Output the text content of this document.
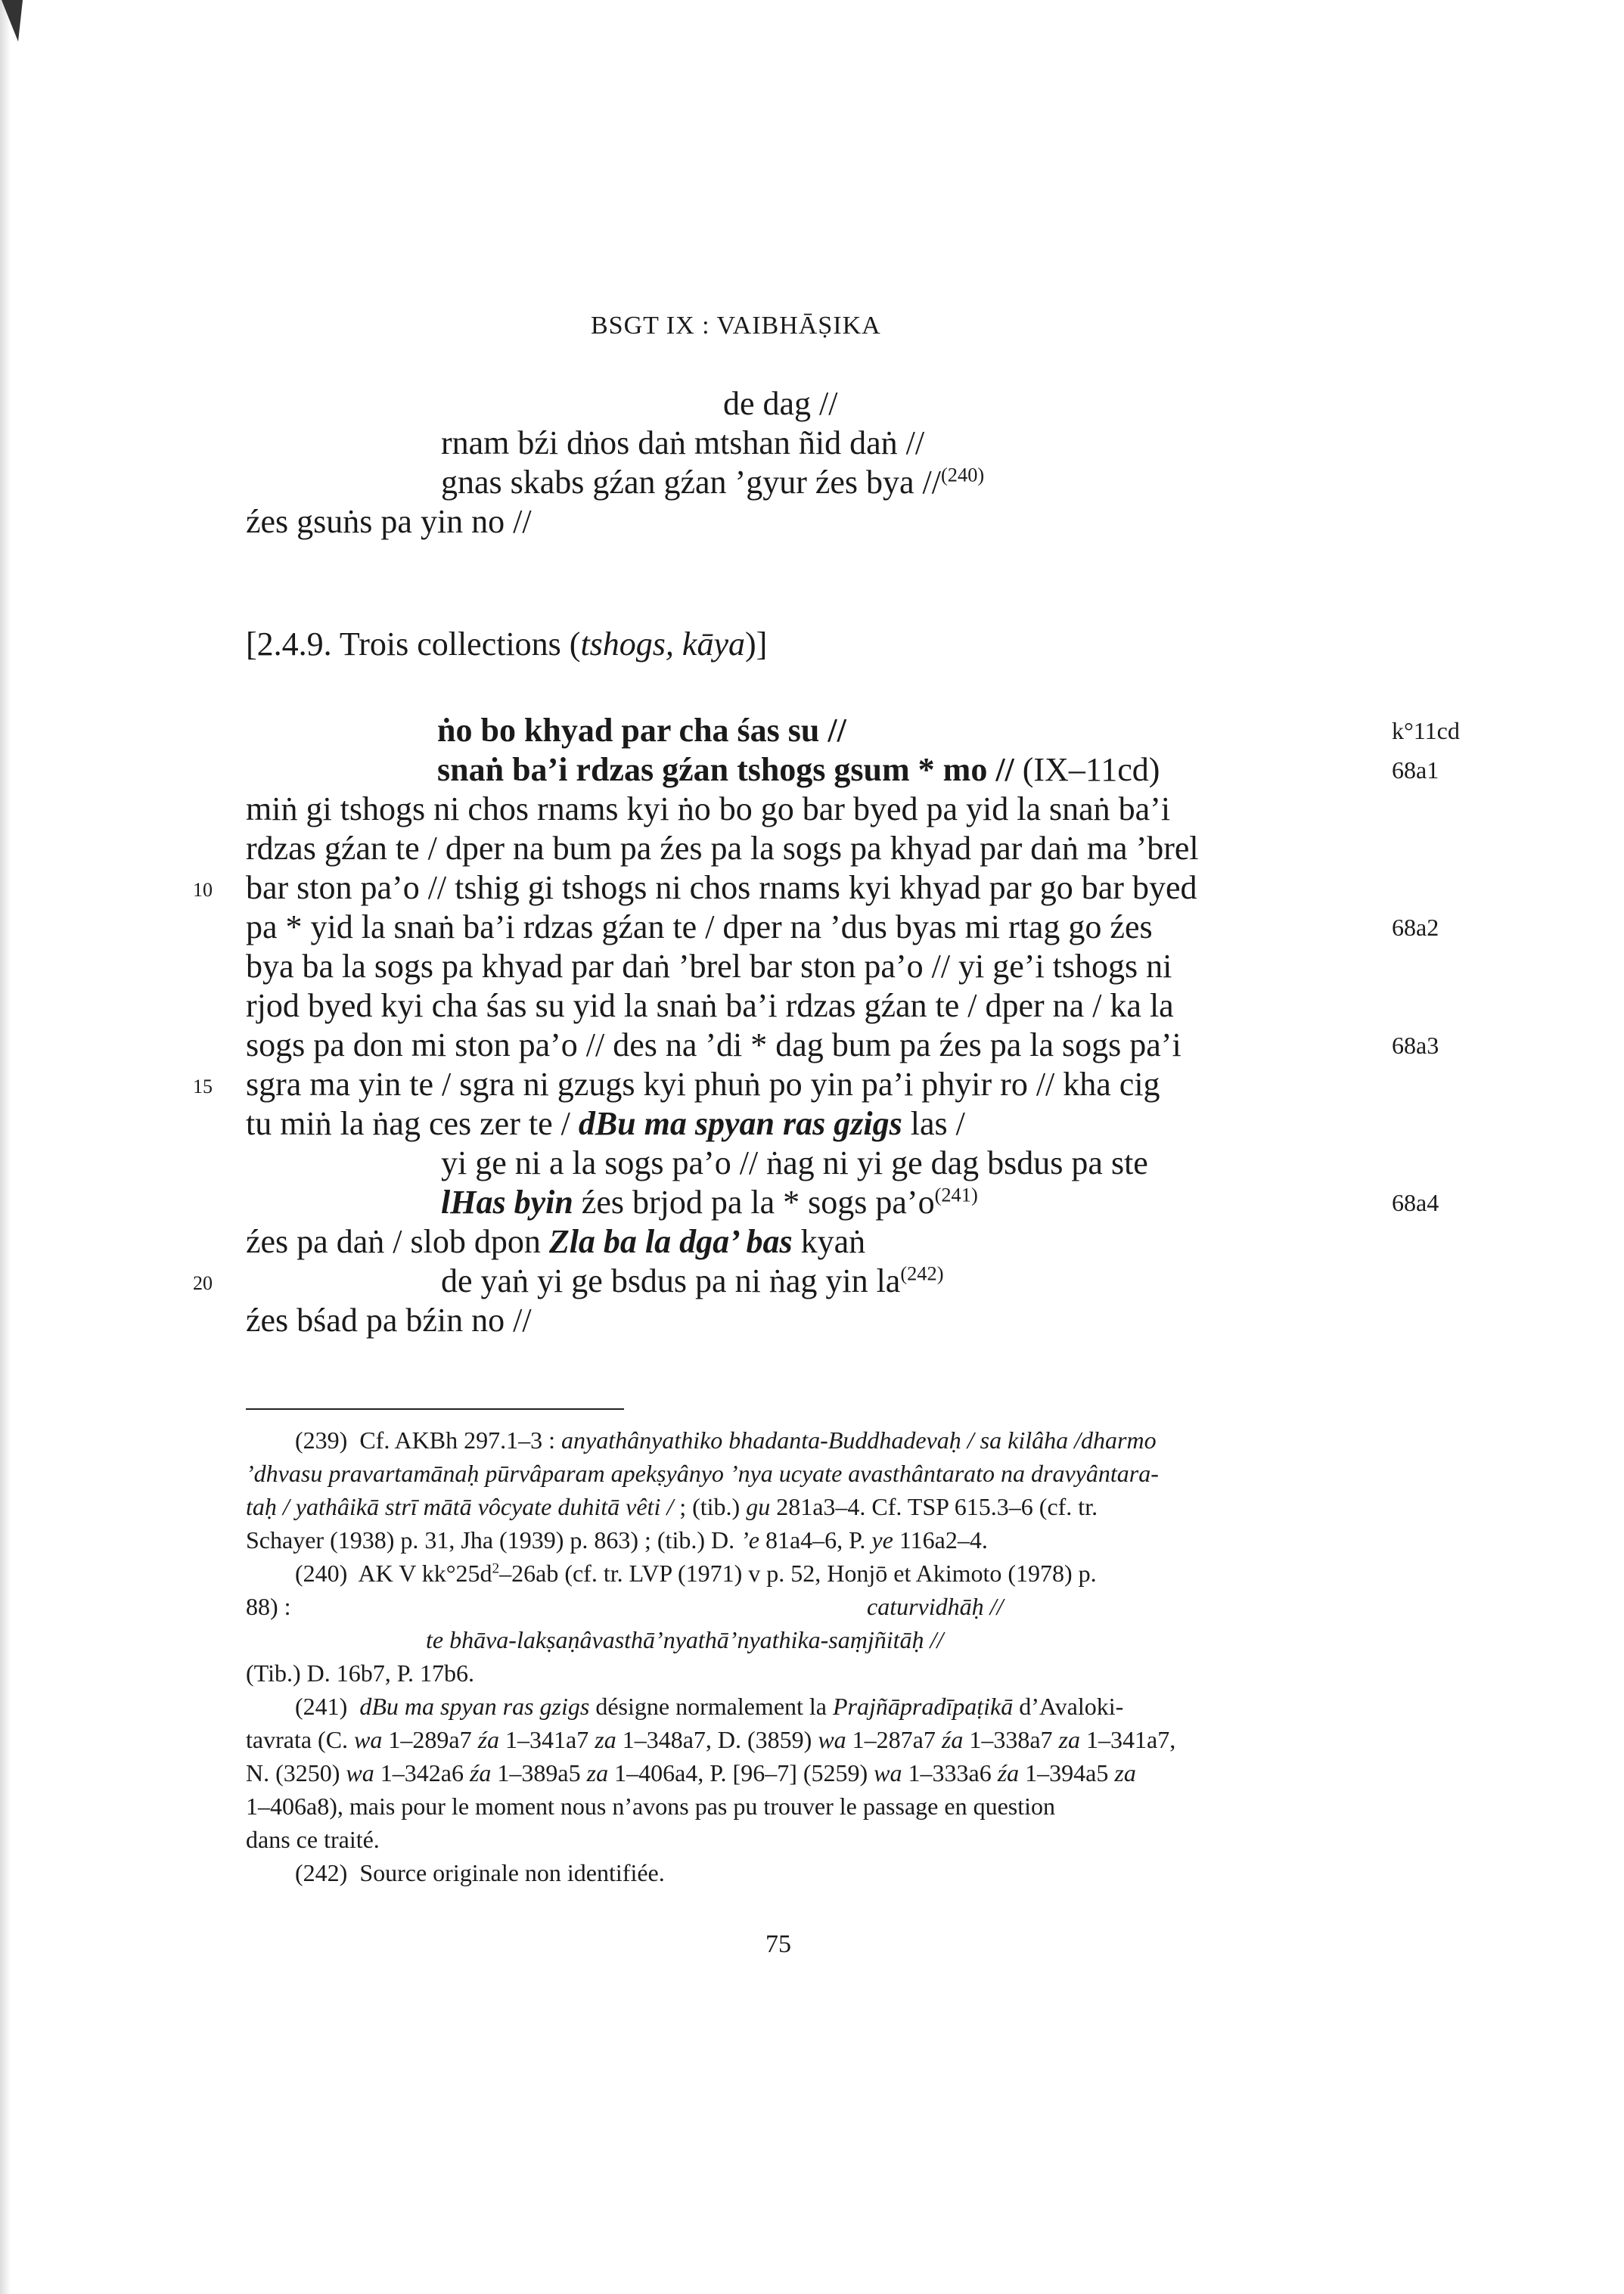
BSGT IX : VAIBHĀṢIKA
de dag //
rnam bźi dṅos daṅ mtshan ñid daṅ //
gnas skabs gźan gźan ’gyur źes bya //$^{(240)}$
źes gsuṅs pa yin no //
[2.4.9. Trois collections (tshogs, kāya)]
ṅo bo khyad par cha śas su //
snaṅ ba’i rdzas gźan tshogs gsum * mo // (IX–11cd)
miṅ gi tshogs ni chos rnams kyi ṅo bo go bar byed pa yid la snaṅ ba’i
rdzas gźan te / dper na bum pa źes pa la sogs pa khyad par daṅ ma ’brel
bar ston pa’o // tshig gi tshogs ni chos rnams kyi khyad par go bar byed
pa * yid la snaṅ ba’i rdzas gźan te / dper na ’dus byas mi rtag go źes
bya ba la sogs pa khyad par daṅ ’brel bar ston pa’o // yi ge’i tshogs ni
rjod byed kyi cha śas su yid la snaṅ ba’i rdzas gźan te / dper na / ka la
sogs pa don mi ston pa’o // des na ’di * dag bum pa źes pa la sogs pa’i
sgra ma yin te / sgra ni gzugs kyi phuṅ po yin pa’i phyir ro // kha cig
tu miṅ la ṅag ces zer te / dBu ma spyan ras gzigs las /
yi ge ni a la sogs pa’o // ṅag ni yi ge dag bsdus pa ste
lHas byin źes brjod pa la * sogs $pa’o^{(241)}$
źes pa daṅ / slob dpon Zla ba la dga’ bas kyaṅ
de yaṅ yi ge bsdus pa ni ṅag yin $la^{(242)}$
źes bśad pa bźin no //
10
15
20
k°11cd
68a1
68a2
68a3
68a4
(239) Cf. AKBh 297.1–3 : anyathânyathiko bhadanta-Buddhadevaḥ / sa kilâha /dharmo
’dhvasu pravartamānaḥ pūrvâparam apekṣyânyo ’nya ucyate avasthântarato na dravyântara-
taḥ / yathâikā strī mātā vôcyate duhitā vêti / ; (tib.) gu 281a3–4. Cf. TSP 615.3–6 (cf. tr.
Schayer (1938) p. 31, Jha (1939) p. 863) ; (tib.) D. ’e 81a4–6, P. ye 116a2–4.
(240) AK V $kk^\circ 25d^2-26ab$ (cf. tr. LVP (1971) v p. 52, Honjō et Akimoto (1978) p.
88) :	caturvidhāḥ //
te bhāva-lakṣaṇâvasthā’nyathā’nyathika-saṃjñitāḥ //
(Tib.) D. 16b7, P. 17b6.
(241) dBu ma spyan ras gzigs désigne normalement la Prajñāpradīpaṭikā d’Avaloki-
tavrata (C. wa 1–289a7 źa 1–341a7 za 1–348a7, D. (3859) wa 1–287a7 źa 1–338a7 za 1–341a7,
N. (3250) wa 1–342a6 źa 1–389a5 za 1–406a4, P. [96–7] (5259) wa 1–333a6 źa 1–394a5 za
1–406a8), mais pour le moment nous n’avons pas pu trouver le passage en question
dans ce traité.
(242) Source originale non identifiée.
75
